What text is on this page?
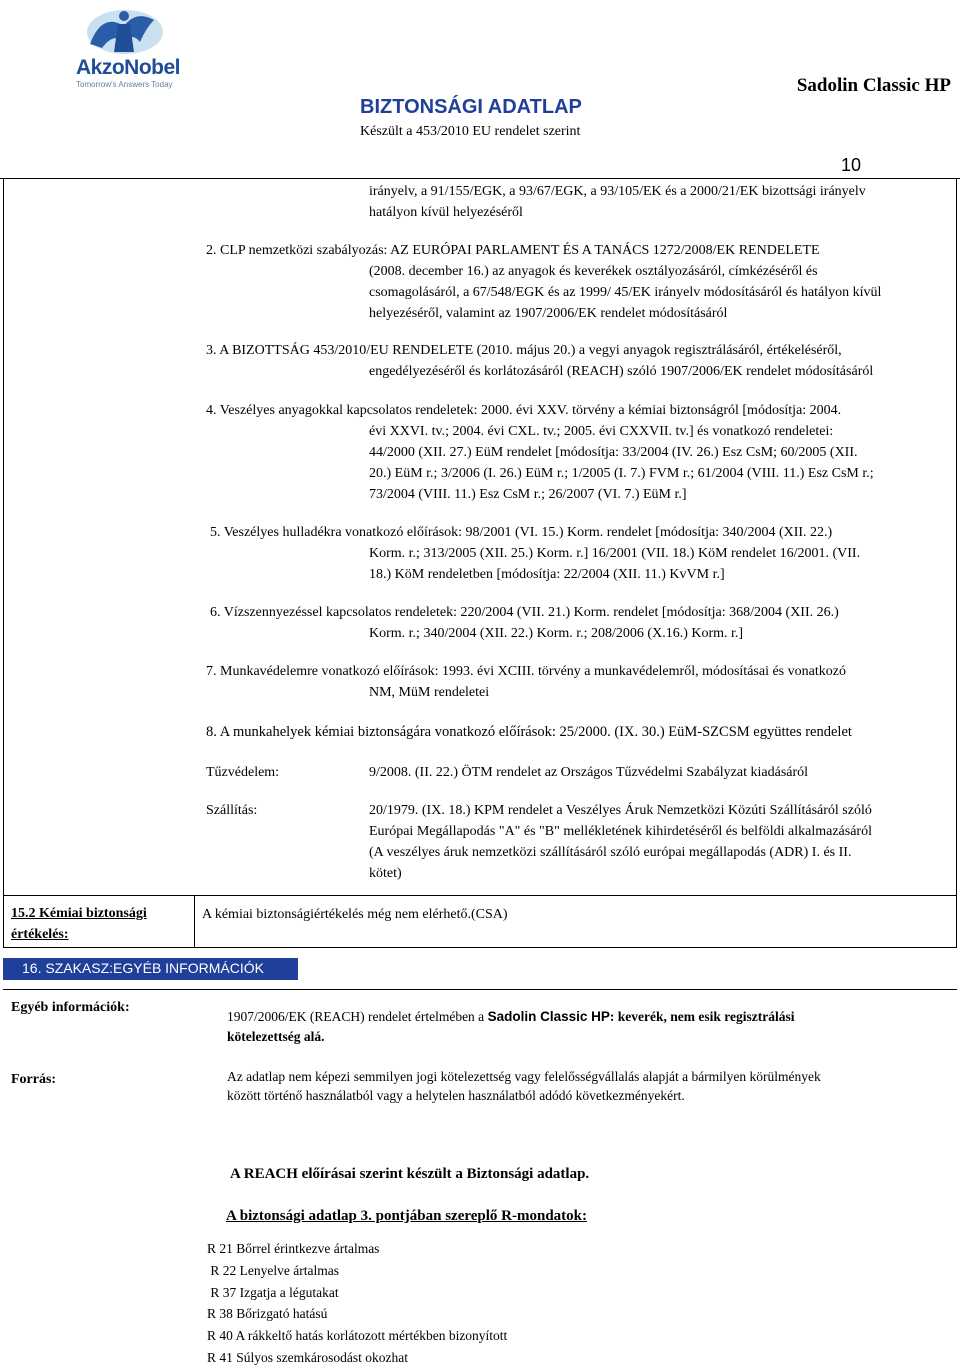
AkzoNobel
Tomorrow's Answers Today	Sadolin Classic HP
BIZTONSÁGI ADATLAP
Készült a 453/2010 EU rendelet szerint
10
irányelv, a 91/155/EGK, a 93/67/EGK, a 93/105/EK és a 2000/21/EK bizottsági irányelv
hatályon kívül helyezéséről
2. CLP nemzetközi szabályozás: AZ EURÓPAI PARLAMENT ÉS A TANÁCS 1272/2008/EK RENDELETE
(2008. december 16.) az anyagok és keverékek osztályozásáról, címkézéséről és
csomagolásáról, a 67/548/EGK és az 1999/ 45/EK irányelv módosításáról és hatályon kívül
helyezéséről, valamint az 1907/2006/EK rendelet módosításáról
3. A BIZOTTSÁG 453/2010/EU RENDELETE (2010. május 20.) a vegyi anyagok regisztrálásáról, értékeléséről,
engedélyezéséről és korlátozásáról (REACH) szóló 1907/2006/EK rendelet módosításáról
4. Veszélyes anyagokkal kapcsolatos rendeletek: 2000. évi XXV. törvény a kémiai biztonságról [módosítja: 2004.
évi XXVI. tv.; 2004. évi CXL. tv.; 2005. évi CXXVII. tv.] és vonatkozó rendeletei:
44/2000 (XII. 27.) EüM rendelet [módosítja: 33/2004 (IV. 26.) Esz CsM; 60/2005 (XII.
20.) EüM r.; 3/2006 (I. 26.) EüM r.; 1/2005 (I. 7.) FVM r.; 61/2004 (VIII. 11.) Esz CsM r.;
73/2004 (VIII. 11.) Esz CsM r.; 26/2007 (VI. 7.) EüM r.]
5. Veszélyes hulladékra vonatkozó előírások: 98/2001 (VI. 15.) Korm. rendelet [módosítja: 340/2004 (XII. 22.)
Korm. r.; 313/2005 (XII. 25.) Korm. r.] 16/2001 (VII. 18.) KöM rendelet 16/2001. (VII.
18.) KöM rendeletben [módosítja: 22/2004 (XII. 11.) KvVM r.]
6. Vízszennyezéssel kapcsolatos rendeletek: 220/2004 (VII. 21.) Korm. rendelet [módosítja: 368/2004 (XII. 26.)
Korm. r.; 340/2004 (XII. 22.) Korm. r.; 208/2006 (X.16.) Korm. r.]
7. Munkavédelemre vonatkozó előírások: 1993. évi XCIII. törvény a munkavédelemről, módosításai és vonatkozó
NM, MüM rendeletei
8. A munkahelyek kémiai biztonságára vonatkozó előírások: 25/2000. (IX. 30.) EüM-SZCSM együttes rendelet
Tűzvédelem:	9/2008. (II. 22.) ÖTM rendelet az Országos Tűzvédelmi Szabályzat kiadásáról
Szállítás:	20/1979. (IX. 18.) KPM rendelet a Veszélyes Áruk Nemzetközi Közúti Szállításáról szóló
Európai Megállapodás "A" és "B" mellékletének kihirdetéséről és belföldi alkalmazásáról
(A veszélyes áruk nemzetközi szállításáról szóló európai megállapodás (ADR) I. és II.
kötet)
15.2 Kémiai biztonsági
értékelés:
A kémiai biztonságiértékelés még nem elérhető.(CSA)
16. SZAKASZ:EGYÉB INFORMÁCIÓK
Egyéb információk:
1907/2006/EK (REACH) rendelet értelmében a Sadolin Classic HP: keverék, nem esik regisztrálási
kötelezettség alá.
Forrás:	Az adatlap nem képezi semmilyen jogi kötelezettség vagy felelősségvállalás alapját a bármilyen körülmények
között történő használatból vagy a helytelen használatból adódó következményekért.
A REACH előírásai szerint készült a Biztonsági adatlap.
A biztonsági adatlap 3. pontjában szereplő R-mondatok:
R 21 Bőrrel érintkezve ártalmas
R 22 Lenyelve ártalmas
R 37 Izgatja a légutakat
R 38 Bőrizgató hatású
R 40 A rákkeltő hatás korlátozott mértékben bizonyított
R 41 Súlyos szemkárosodást okozhat
